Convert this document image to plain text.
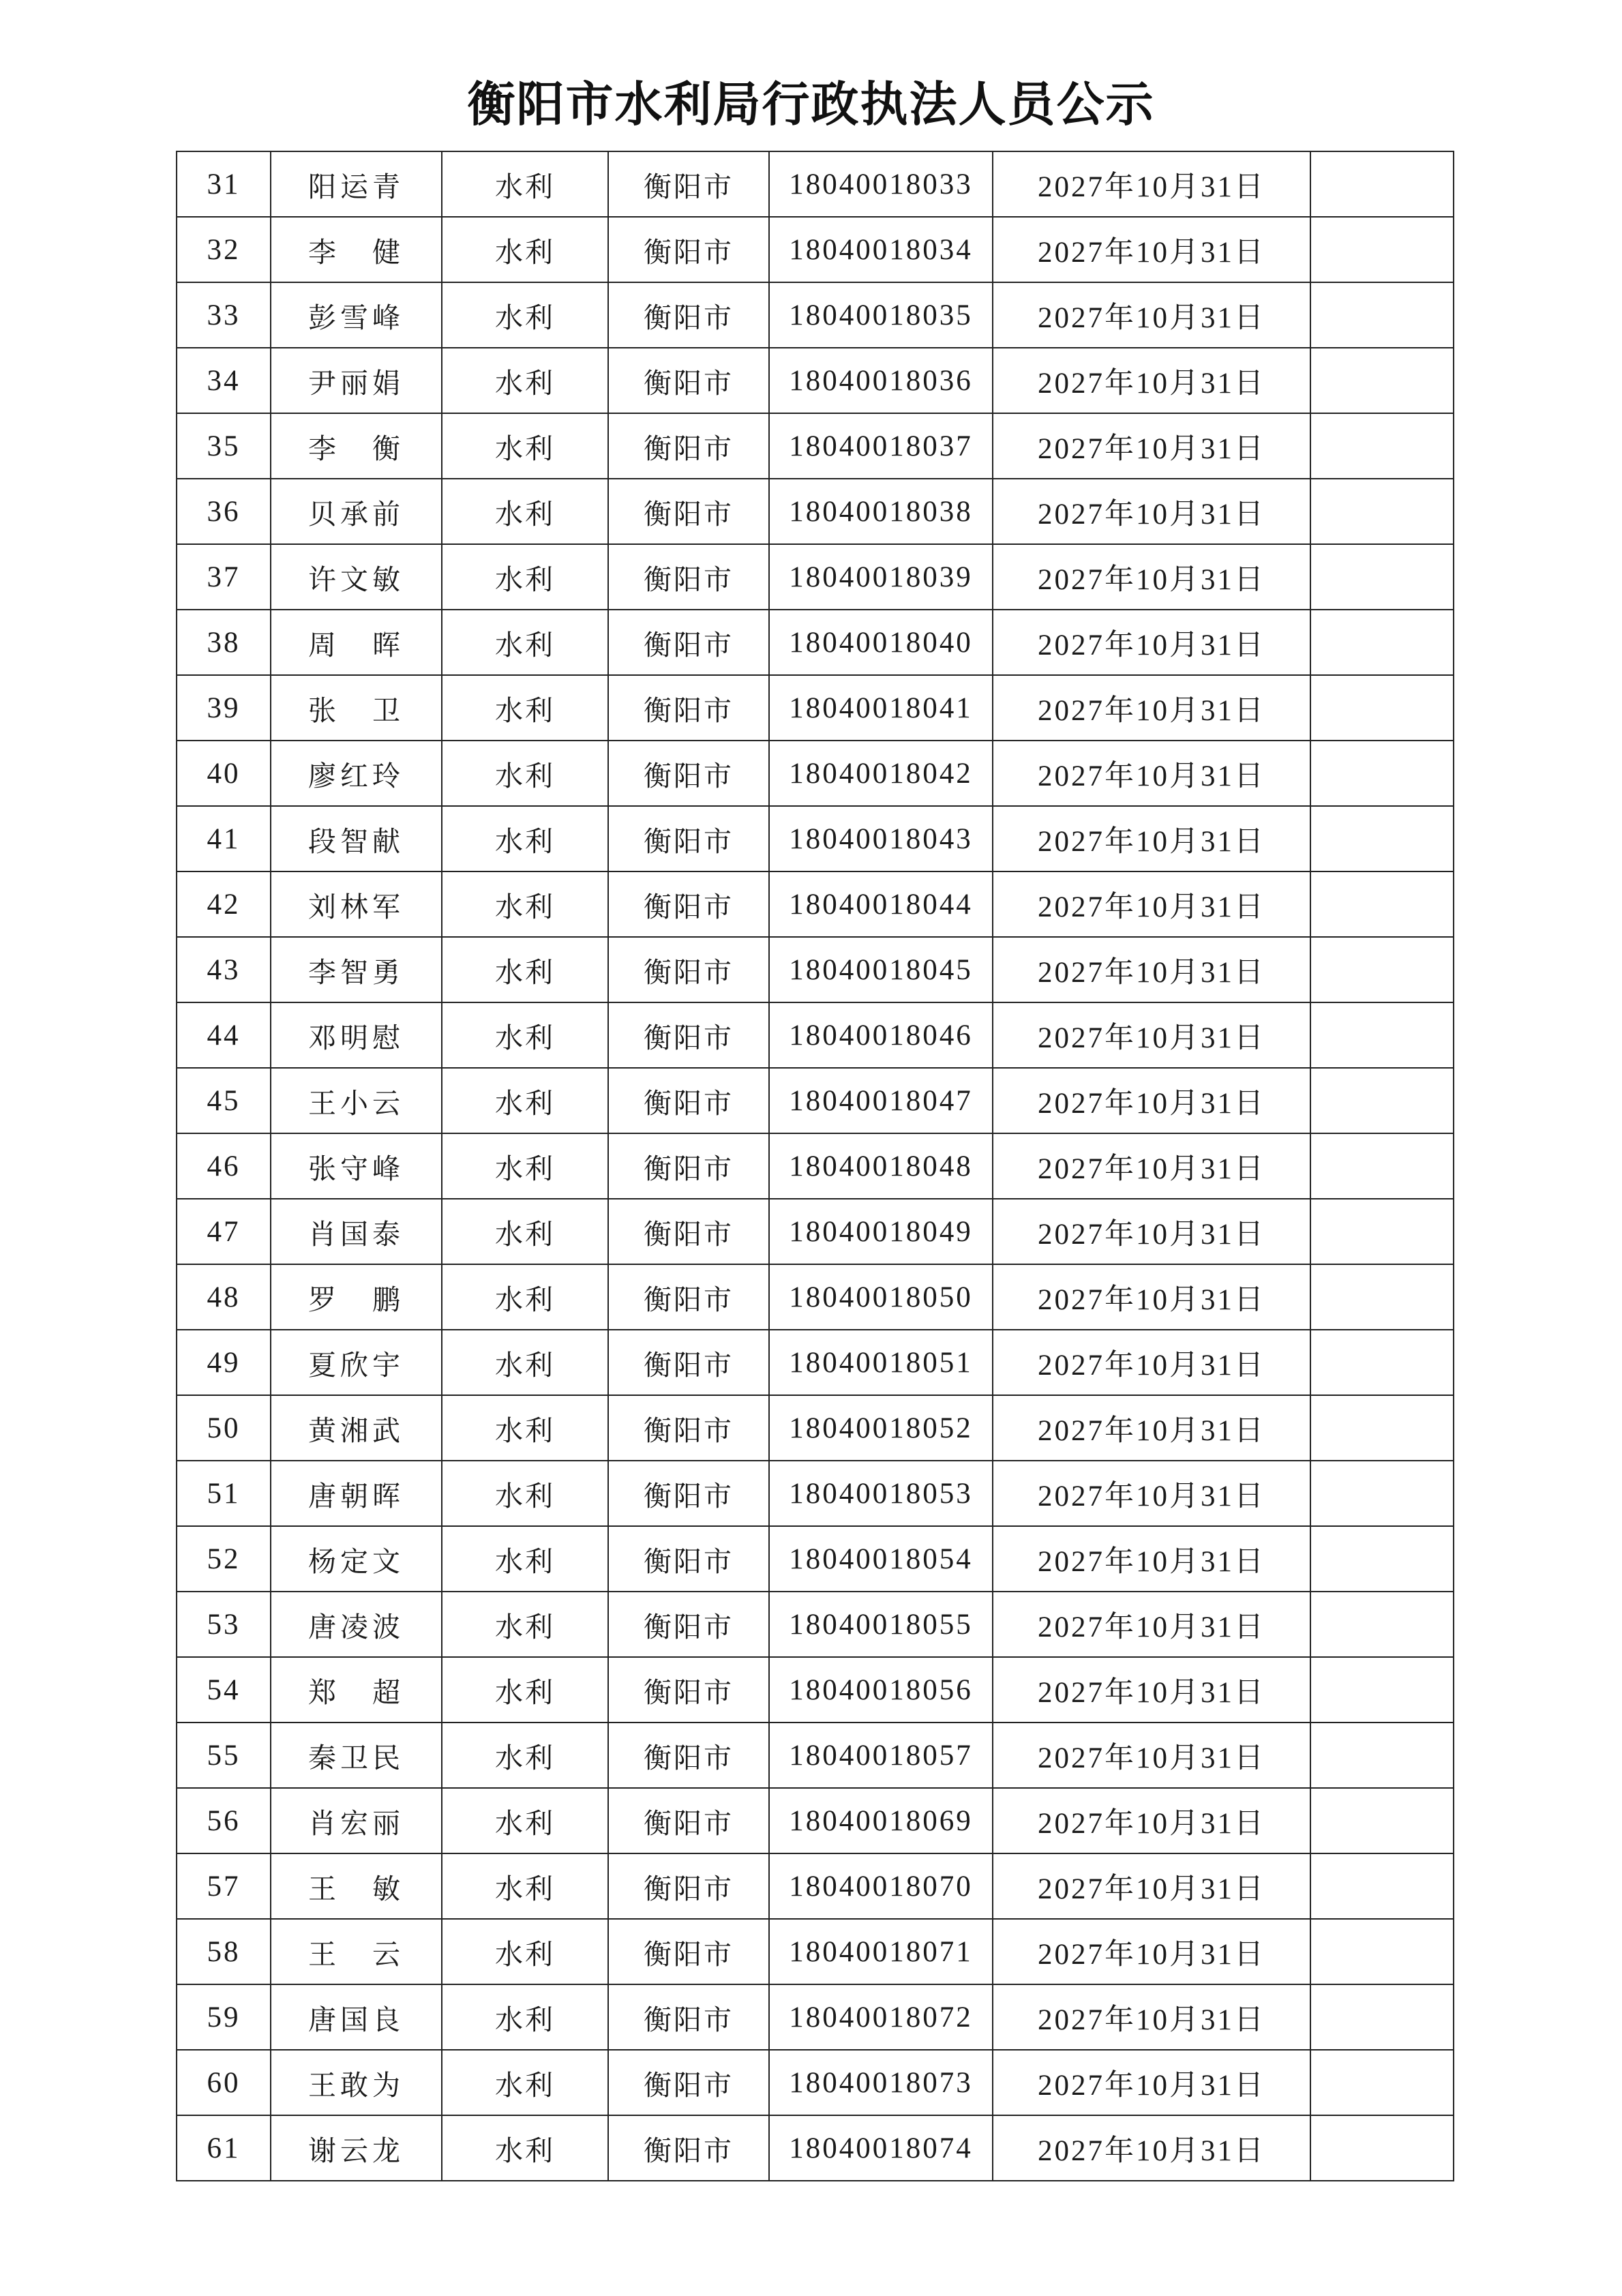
衡阳市水利局行政执法人员公示
31	阳运青	水利	衡阳市	18040018033	2027年10月31日	
32	李　健	水利	衡阳市	18040018034	2027年10月31日	
33	彭雪峰	水利	衡阳市	18040018035	2027年10月31日	
34	尹丽娟	水利	衡阳市	18040018036	2027年10月31日	
35	李　衡	水利	衡阳市	18040018037	2027年10月31日	
36	贝承前	水利	衡阳市	18040018038	2027年10月31日	
37	许文敏	水利	衡阳市	18040018039	2027年10月31日	
38	周　晖	水利	衡阳市	18040018040	2027年10月31日	
39	张　卫	水利	衡阳市	18040018041	2027年10月31日	
40	廖红玲	水利	衡阳市	18040018042	2027年10月31日	
41	段智献	水利	衡阳市	18040018043	2027年10月31日	
42	刘林军	水利	衡阳市	18040018044	2027年10月31日	
43	李智勇	水利	衡阳市	18040018045	2027年10月31日	
44	邓明慰	水利	衡阳市	18040018046	2027年10月31日	
45	王小云	水利	衡阳市	18040018047	2027年10月31日	
46	张守峰	水利	衡阳市	18040018048	2027年10月31日	
47	肖国泰	水利	衡阳市	18040018049	2027年10月31日	
48	罗　鹏	水利	衡阳市	18040018050	2027年10月31日	
49	夏欣宇	水利	衡阳市	18040018051	2027年10月31日	
50	黄湘武	水利	衡阳市	18040018052	2027年10月31日	
51	唐朝晖	水利	衡阳市	18040018053	2027年10月31日	
52	杨定文	水利	衡阳市	18040018054	2027年10月31日	
53	唐凌波	水利	衡阳市	18040018055	2027年10月31日	
54	郑　超	水利	衡阳市	18040018056	2027年10月31日	
55	秦卫民	水利	衡阳市	18040018057	2027年10月31日	
56	肖宏丽	水利	衡阳市	18040018069	2027年10月31日	
57	王　敏	水利	衡阳市	18040018070	2027年10月31日	
58	王　云	水利	衡阳市	18040018071	2027年10月31日	
59	唐国良	水利	衡阳市	18040018072	2027年10月31日	
60	王敢为	水利	衡阳市	18040018073	2027年10月31日	
61	谢云龙	水利	衡阳市	18040018074	2027年10月31日	
